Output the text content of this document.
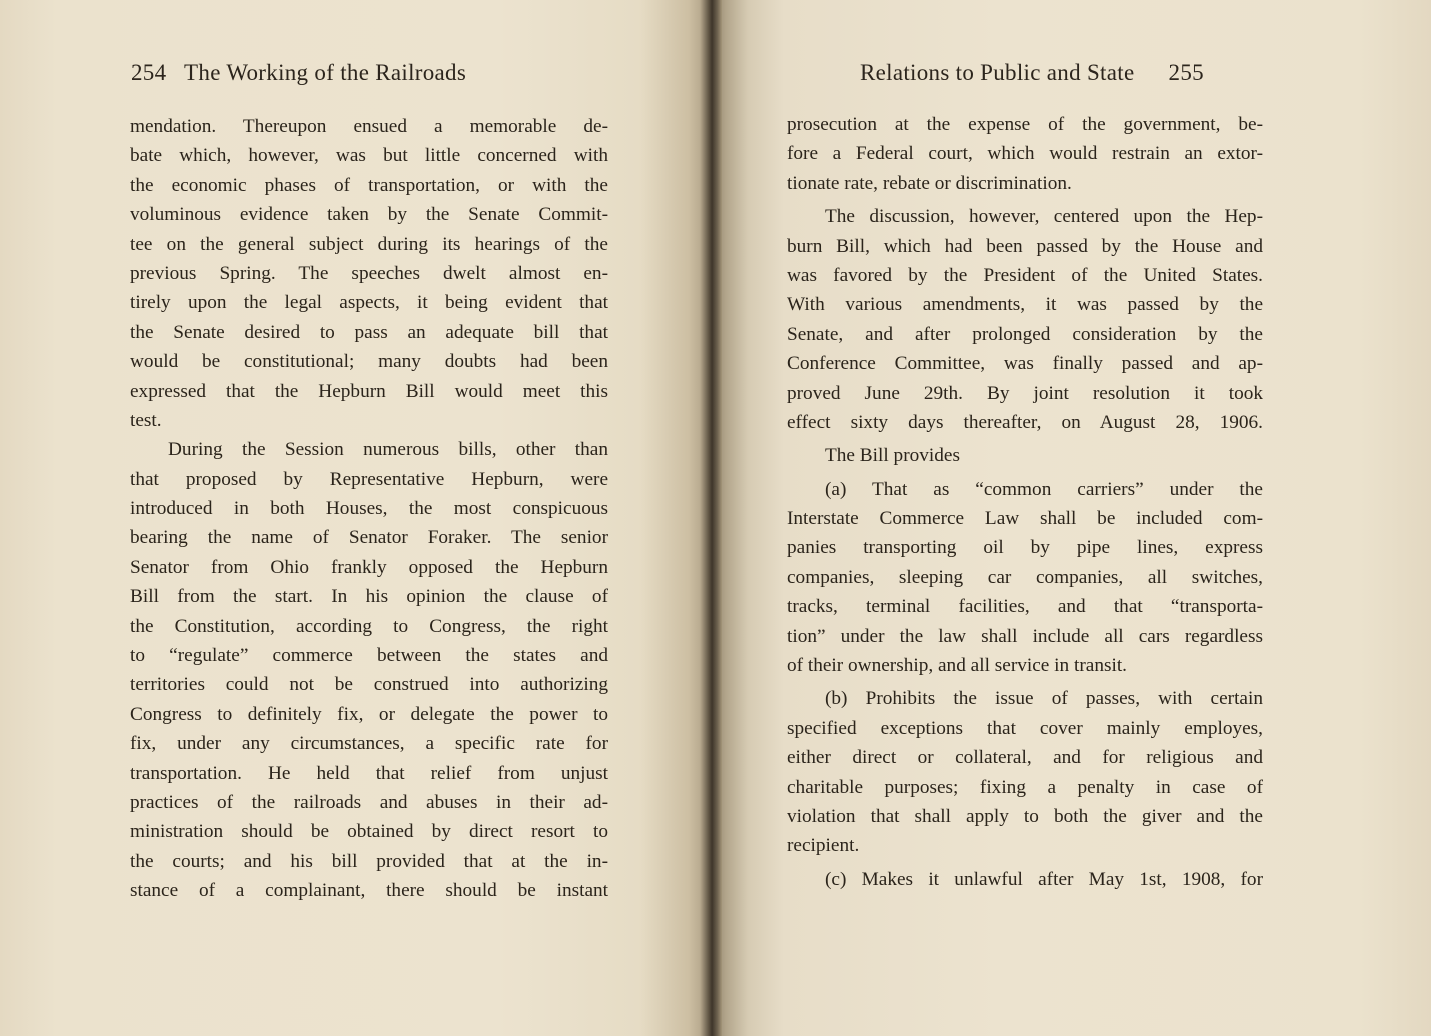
254 The Working of the Railroads
mendation. Thereupon ensued a memorable de-
bate which, however, was but little concerned with
the economic phases of transportation, or with the
voluminous evidence taken by the Senate Commit-
tee on the general subject during its hearings of the
previous Spring. The speeches dwelt almost en-
tirely upon the legal aspects, it being evident that
the Senate desired to pass an adequate bill that
would be constitutional; many doubts had been
expressed that the Hepburn Bill would meet this
test.
During the Session numerous bills, other than
that proposed by Representative Hepburn, were
introduced in both Houses, the most conspicuous
bearing the name of Senator Foraker. The senior
Senator from Ohio frankly opposed the Hepburn
Bill from the start. In his opinion the clause of
the Constitution, according to Congress, the right
to “regulate” commerce between the states and
territories could not be construed into authorizing
Congress to definitely fix, or delegate the power to
fix, under any circumstances, a specific rate for
transportation. He held that relief from unjust
practices of the railroads and abuses in their ad-
ministration should be obtained by direct resort to
the courts; and his bill provided that at the in-
stance of a complainant, there should be instant
Relations to Public and State 255
prosecution at the expense of the government, be-
fore a Federal court, which would restrain an extor-
tionate rate, rebate or discrimination.
The discussion, however, centered upon the Hep-
burn Bill, which had been passed by the House and
was favored by the President of the United States.
With various amendments, it was passed by the
Senate, and after prolonged consideration by the
Conference Committee, was finally passed and ap-
proved June 29th. By joint resolution it took
effect sixty days thereafter, on August 28, 1906.
The Bill provides
(a) That as “common carriers” under the
Interstate Commerce Law shall be included com-
panies transporting oil by pipe lines, express
companies, sleeping car companies, all switches,
tracks, terminal facilities, and that “transporta-
tion” under the law shall include all cars regardless
of their ownership, and all service in transit.
(b) Prohibits the issue of passes, with certain
specified exceptions that cover mainly employes,
either direct or collateral, and for religious and
charitable purposes; fixing a penalty in case of
violation that shall apply to both the giver and the
recipient.
(c) Makes it unlawful after May 1st, 1908, for
